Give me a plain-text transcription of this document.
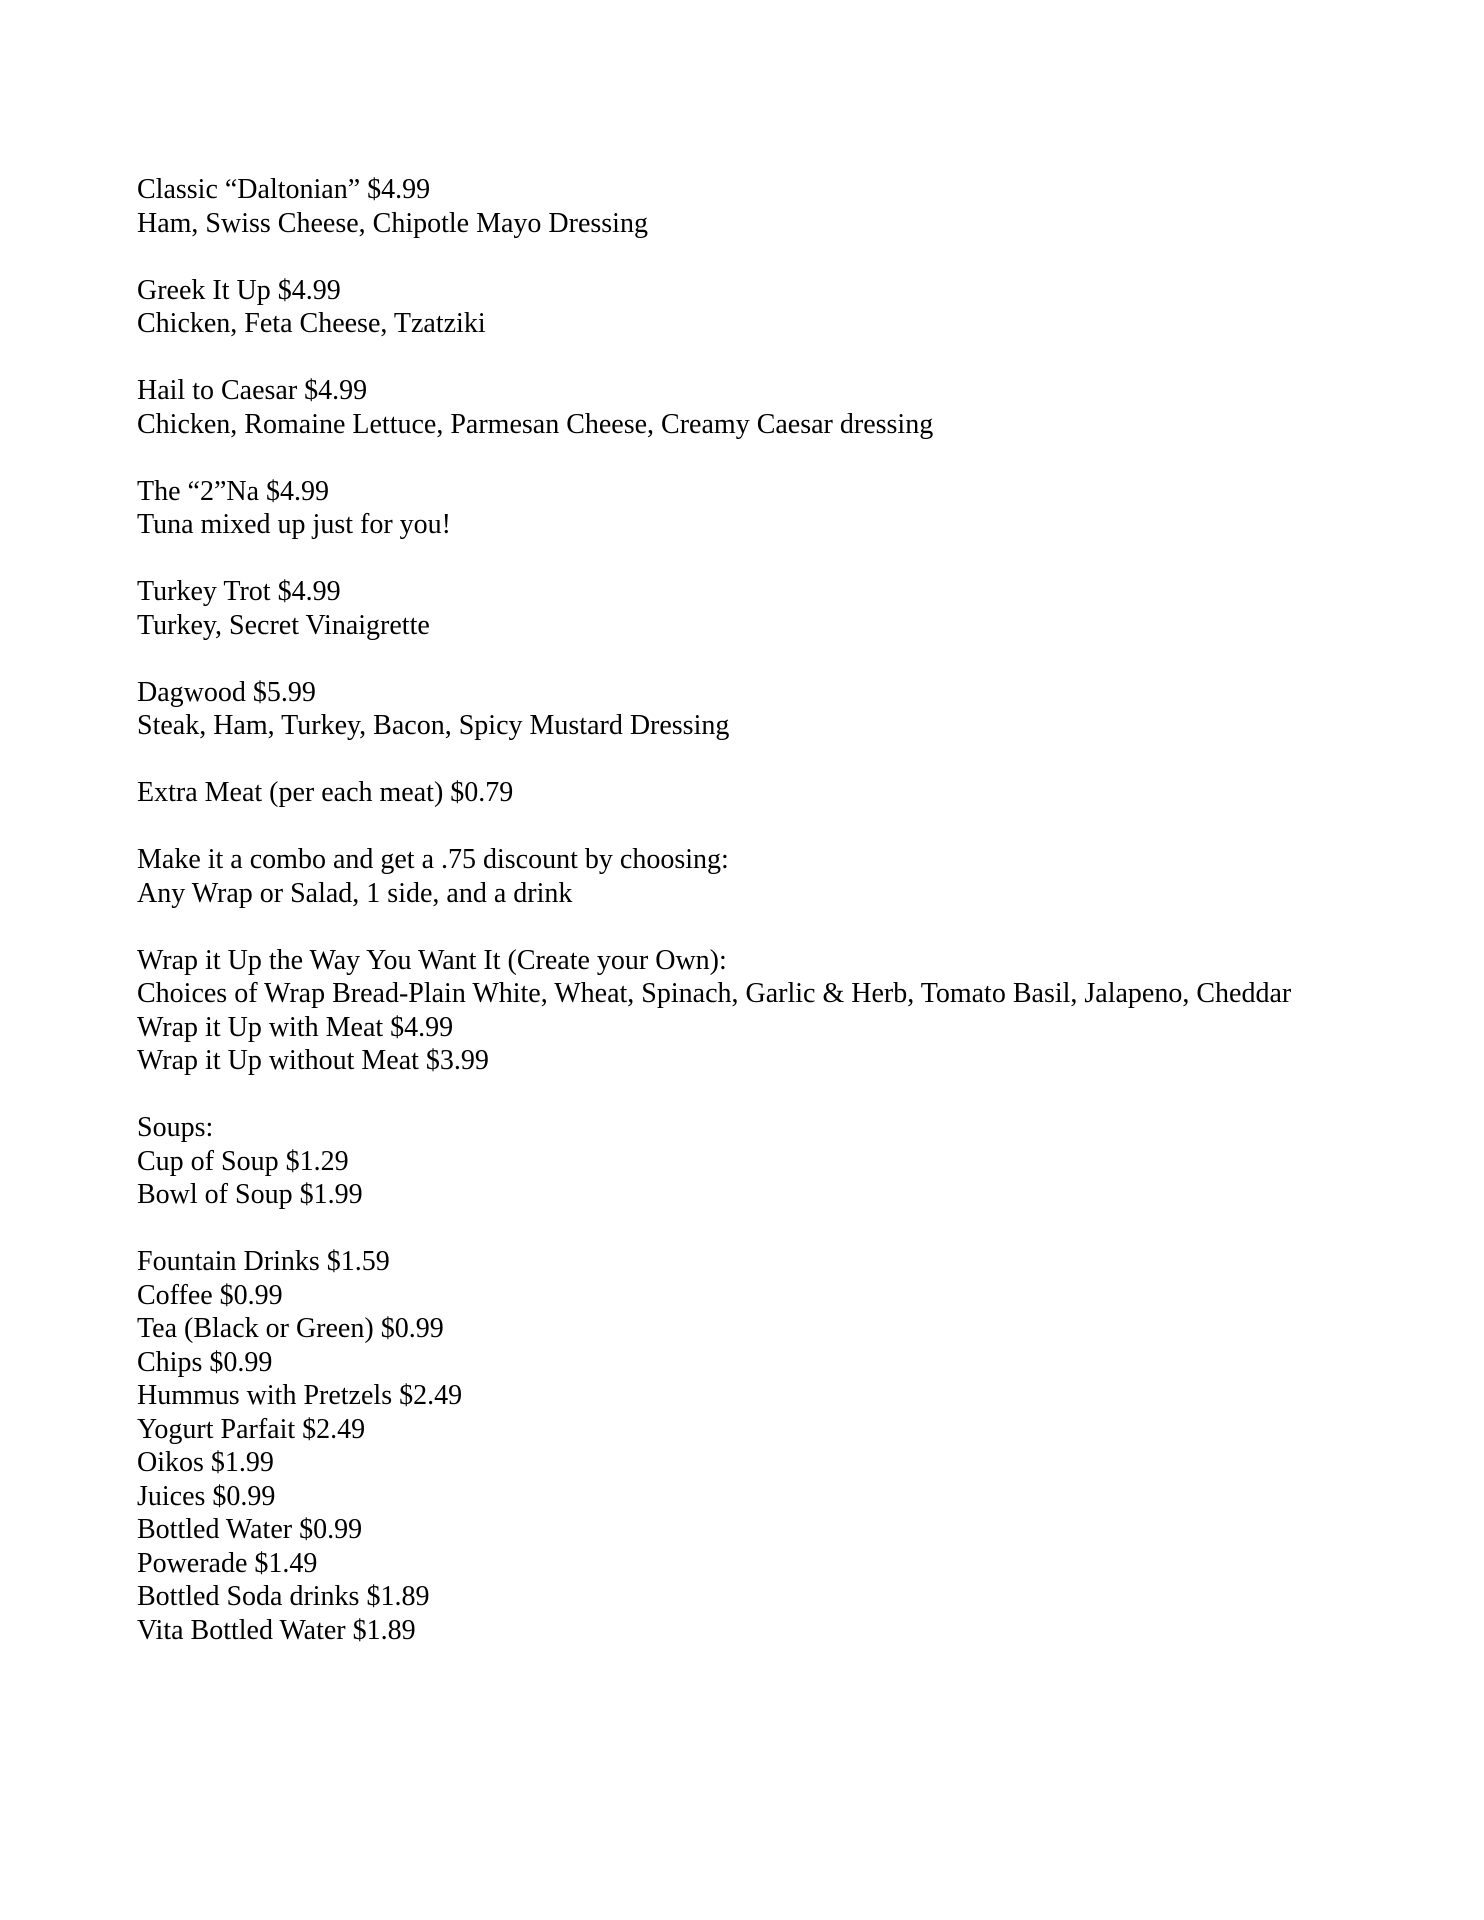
Classic “Daltonian” $4.99
Ham, Swiss Cheese, Chipotle Mayo Dressing
Greek It Up $4.99
Chicken, Feta Cheese, Tzatziki
Hail to Caesar $4.99
Chicken, Romaine Lettuce, Parmesan Cheese, Creamy Caesar dressing
The “2”Na $4.99
Tuna mixed up just for you!
Turkey Trot $4.99
Turkey, Secret Vinaigrette
Dagwood $5.99
Steak, Ham, Turkey, Bacon, Spicy Mustard Dressing
Extra Meat (per each meat) $0.79
Make it a combo and get a .75 discount by choosing:
Any Wrap or Salad, 1 side, and a drink
Wrap it Up the Way You Want It (Create your Own):
Choices of Wrap Bread-Plain White, Wheat, Spinach, Garlic & Herb, Tomato Basil, Jalapeno, Cheddar
Wrap it Up with Meat $4.99
Wrap it Up without Meat $3.99
Soups:
Cup of Soup $1.29
Bowl of Soup $1.99
Fountain Drinks $1.59
Coffee $0.99
Tea (Black or Green) $0.99
Chips $0.99
Hummus with Pretzels $2.49
Yogurt Parfait $2.49
Oikos $1.99
Juices $0.99
Bottled Water $0.99
Powerade $1.49
Bottled Soda drinks $1.89
Vita Bottled Water $1.89
